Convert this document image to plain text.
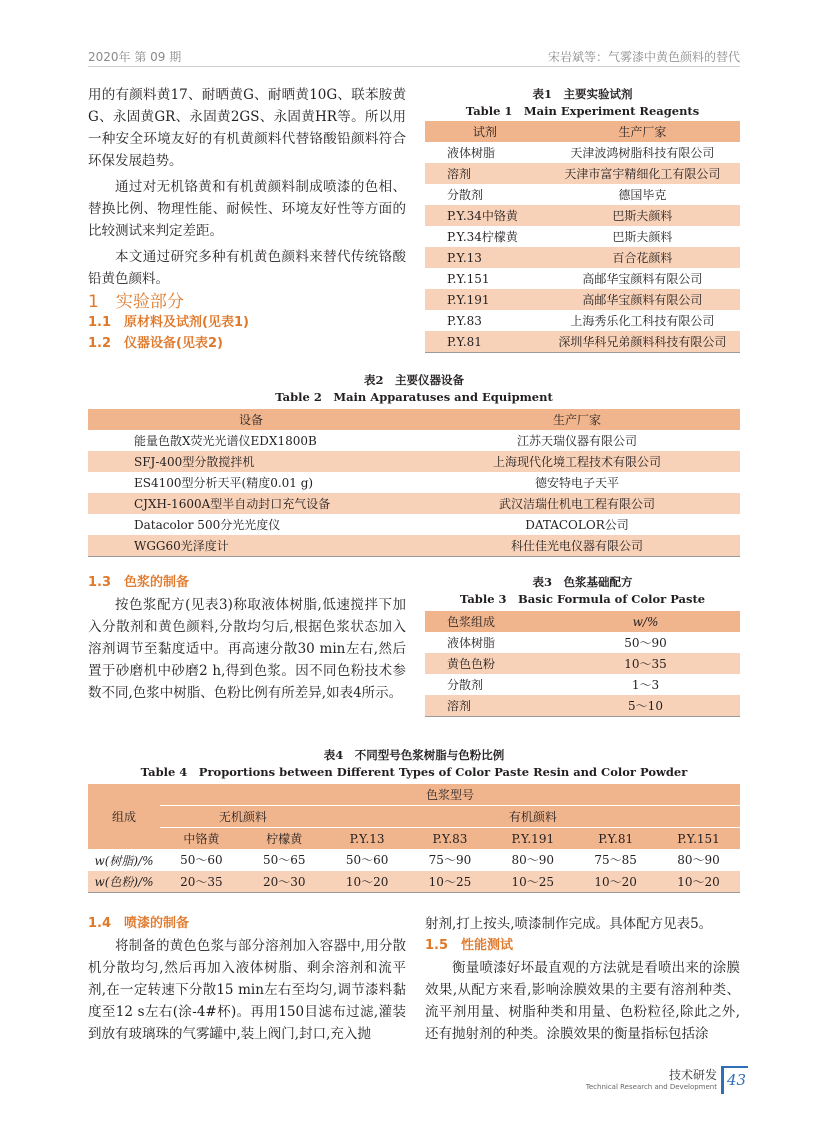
2020年 第 09 期	宋岩斌等：气雾漆中黄色颜料的替代

用的有颜料黄17、耐晒黄G、耐晒黄10G、联苯胺黄G、永固黄GR、永固黄2GS、永固黄HR等。所以用一种安全环境友好的有机黄颜料代替铬酸铅颜料符合环保发展趋势。

通过对无机铬黄和有机黄颜料制成喷漆的色相、替换比例、物理性能、耐候性、环境友好性等方面的比较测试来判定差距。

本文通过研究多种有机黄色颜料来替代传统铬酸铅黄色颜料。

1　实验部分
1.1　原材料及试剂(见表1)
1.2　仪器设备(见表2)
表1　主要实验试剂
Table 1　Main Experiment Reagents
试剂	生产厂家
液体树脂	天津波鸿树脂科技有限公司
溶剂	天津市富宇精细化工有限公司
分散剂	德国毕克
P.Y.34中铬黄	巴斯夫颜料
P.Y.34柠檬黄	巴斯夫颜料
P.Y.13	百合花颜料
P.Y.151	高邮华宝颜料有限公司
P.Y.191	高邮华宝颜料有限公司
P.Y.83	上海秀乐化工科技有限公司
P.Y.81	深圳华科兄弟颜料科技有限公司
表2　主要仪器设备
Table 2　Main Apparatuses and Equipment
设备	生产厂家
能量色散X荧光光谱仪EDX1800B	江苏天瑞仪器有限公司
SFJ-400型分散搅拌机	上海现代化境工程技术有限公司
ES4100型分析天平(精度0.01 g)	德安特电子天平
CJXH-1600A型半自动封口充气设备	武汉洁瑞仕机电工程有限公司
Datacolor 500分光光度仪	DATACOLOR公司
WGG60光泽度计	科仕佳光电仪器有限公司
1.3　色浆的制备

按色浆配方(见表3)称取液体树脂,低速搅拌下加入分散剂和黄色颜料,分散均匀后,根据色浆状态加入溶剂调节至黏度适中。再高速分散30 min左右,然后置于砂磨机中砂磨2 h,得到色浆。因不同色粉技术参数不同,色浆中树脂、色粉比例有所差异,如表4所示。

表3　色浆基础配方
Table 3　Basic Formula of Color Paste
色浆组成	w/%
液体树脂	50～90
黄色色粉	10～35
分散剂	1～3
溶剂	5～10
表4　不同型号色浆树脂与色粉比例
Table 4　Proportions between Different Types of Color Paste Resin and Color Powder
组成	色浆型号						
	无机颜料		有机颜料				
	中铬黄	柠檬黄	P.Y.13	P.Y.83	P.Y.191	P.Y.81	P.Y.151
w(树脂)/%	50～60	50～65	50～60	75～90	80～90	75～85	80～90
w(色粉)/%	20～35	20～30	10～20	10～25	10～25	10～20	10～20
1.4　喷漆的制备

将制备的黄色色浆与部分溶剂加入容器中,用分散机分散均匀,然后再加入液体树脂、剩余溶剂和流平剂,在一定转速下分散15 min左右至均匀,调节漆料黏度至12 s左右(涂-4#杯)。再用150目滤布过滤,灌装到放有玻璃珠的气雾罐中,装上阀门,封口,充入抛

射剂,打上按头,喷漆制作完成。具体配方见表5。

1.5　性能测试

衡量喷漆好坏最直观的方法就是看喷出来的涂膜效果,从配方来看,影响涂膜效果的主要有溶剂种类、流平剂用量、树脂种类和用量、色粉粒径,除此之外,还有抛射剂的种类。涂膜效果的衡量指标包括涂

技术研发
Technical Research and Development 43
